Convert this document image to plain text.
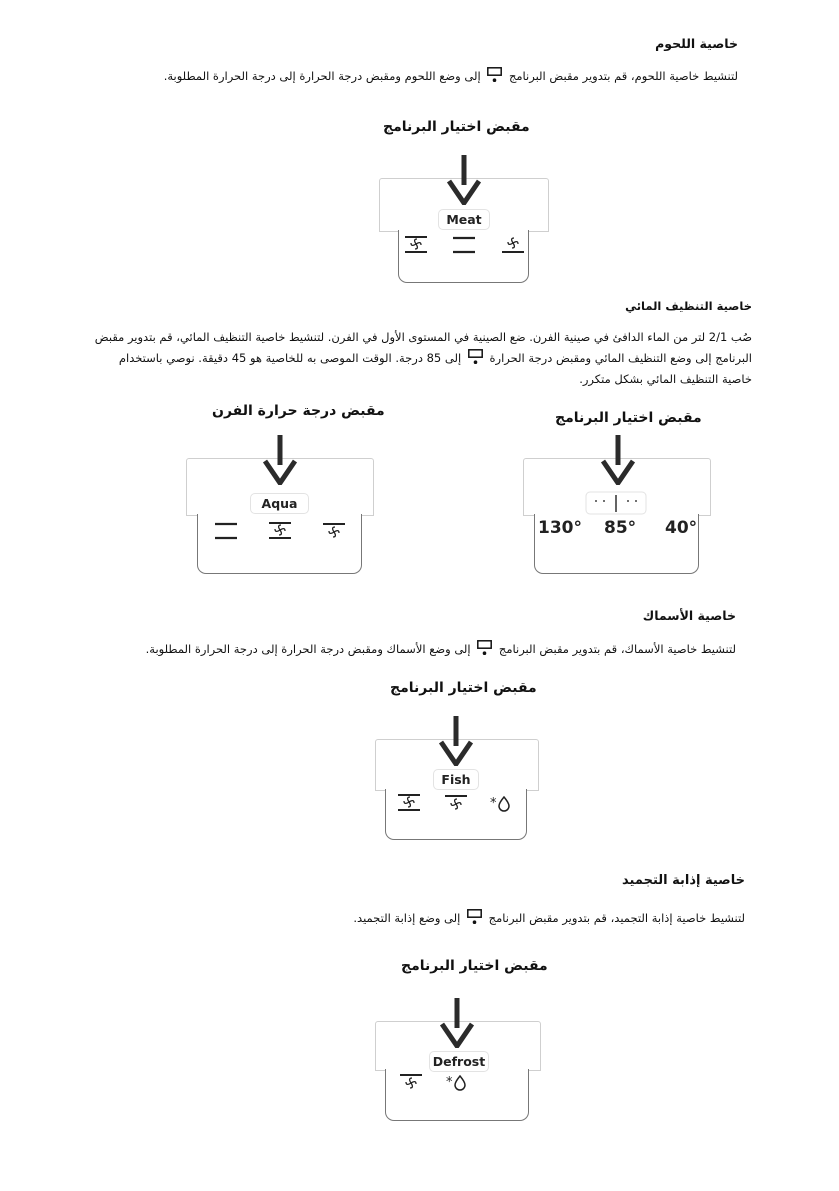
خاصية اللحوم
لتنشيط خاصية اللحوم، قم بتدوير مقبض البرنامج  إلى وضع اللحوم ومقبض درجة الحرارة إلى درجة الحرارة المطلوبة.
مقبض اختيار البرنامج
Meat
خاصية التنظيف المائي
صُب 2/1 لتر من الماء الدافئ في صينية الفرن. ضع الصينية في المستوى الأول في الفرن. لتنشيط خاصية التنظيف المائي، قم بتدوير مقبض
البرنامج إلى وضع التنظيف المائي ومقبض درجة الحرارة  إلى 85 درجة. الوقت الموصى به للخاصية هو 45 دقيقة. نوصي باستخدام
خاصية التنظيف المائي بشكل متكرر.
مقبض درجة حرارة الفرن	مقبض اختيار البرنامج
Aqua
130° 85° 40°
خاصية الأسماك
لتنشيط خاصية الأسماك، قم بتدوير مقبض البرنامج  إلى وضع الأسماك ومقبض درجة الحرارة إلى درجة الحرارة المطلوبة.
مقبض اختيار البرنامج
Fish
خاصية إذابة التجميد
لتنشيط خاصية إذابة التجميد، قم بتدوير مقبض البرنامج  إلى وضع إذابة التجميد.
مقبض اختيار البرنامج
Defrost
